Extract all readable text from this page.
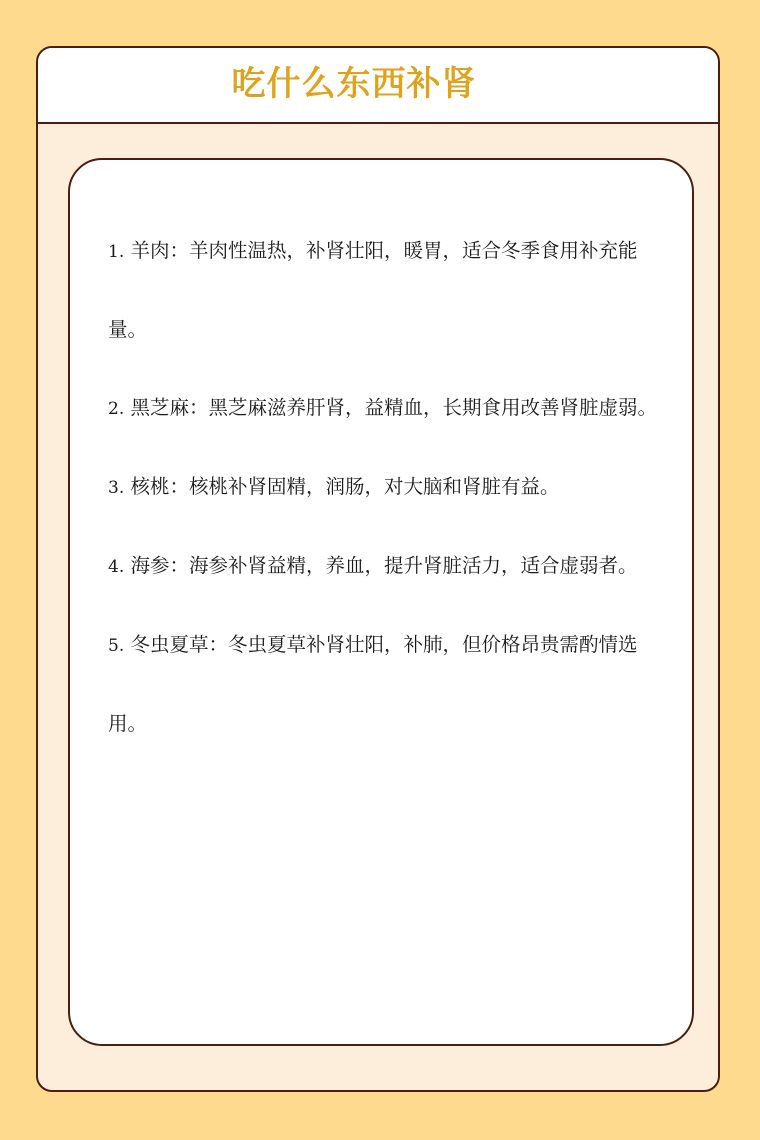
吃什么东西补肾
1. 羊肉：羊肉性温热，补肾壮阳，暖胃，适合冬季食用补充能量。
2. 黑芝麻：黑芝麻滋养肝肾，益精血，长期食用改善肾脏虚弱。
3. 核桃：核桃补肾固精，润肠，对大脑和肾脏有益。
4. 海参：海参补肾益精，养血，提升肾脏活力，适合虚弱者。
5. 冬虫夏草：冬虫夏草补肾壮阳，补肺，但价格昂贵需酌情选用。
